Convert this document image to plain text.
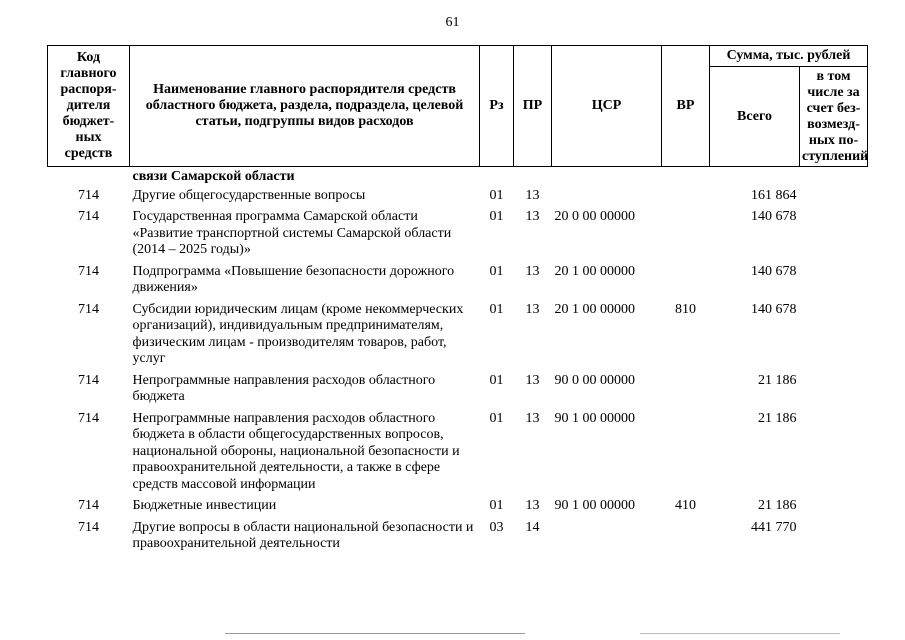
61
Код главного распоря-дителя бюджет-ных средств	Наименование главного распорядителя средств областного бюджета, раздела, подраздела, целевой статьи, подгруппы видов расходов	Рз	ПР	ЦСР	ВР	Сумма, тыс. рублей	
						Всего	в том числе за счет без-возмезд-ных по-ступлений
	связи Самарской области						
714	Другие общегосударственные вопросы	01	13			161 864	
714	Государственная программа Самарской области «Развитие транспортной системы Самарской области (2014 – 2025 годы)»	01	13	20 0 00 00000		140 678	
714	Подпрограмма «Повышение безопасности дорожного движения»	01	13	20 1 00 00000		140 678	
714	Субсидии юридическим лицам (кроме некоммерческих организаций), индивидуальным предпринимателям, физическим лицам - производителям товаров, работ, услуг	01	13	20 1 00 00000	810	140 678	
714	Непрограммные направления расходов областного бюджета	01	13	90 0 00 00000		21 186	
714	Непрограммные направления расходов областного бюджета в области общегосударственных вопросов, национальной обороны, национальной безопасности и правоохранительной деятельности, а также в сфере средств массовой информации	01	13	90 1 00 00000		21 186	
714	Бюджетные инвестиции	01	13	90 1 00 00000	410	21 186	
714	Другие вопросы в области национальной безопасности и правоохранительной деятельности	03	14			441 770	
